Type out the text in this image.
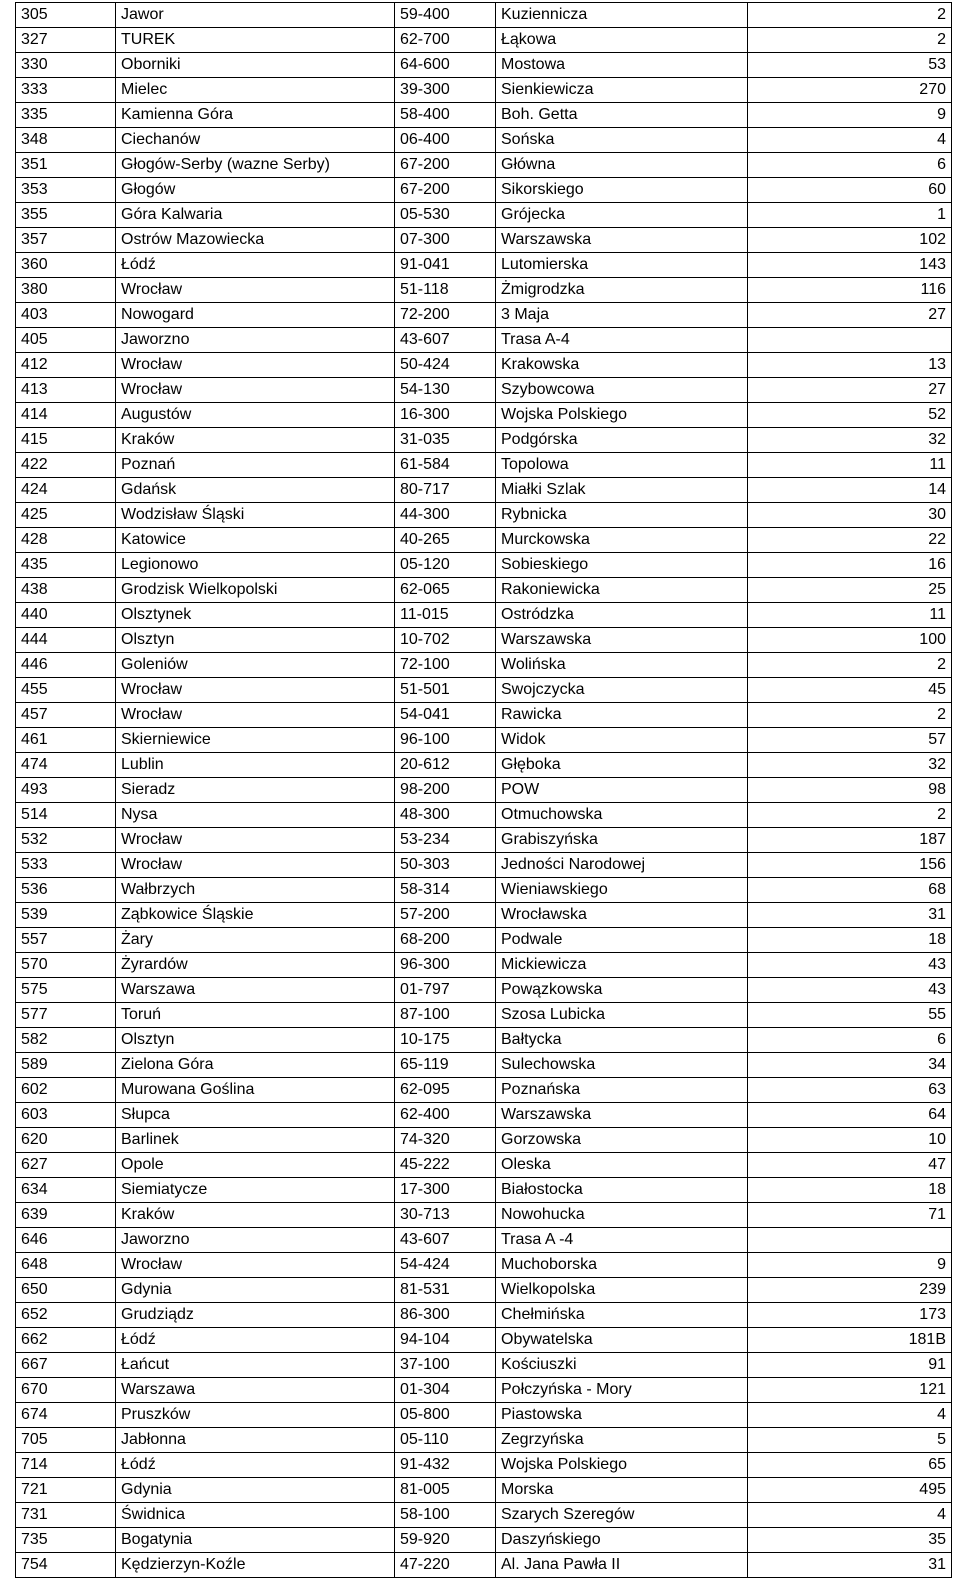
305	Jawor	59-400	Kuziennicza	2
327	TUREK	62-700	Łąkowa	2
330	Oborniki	64-600	Mostowa	53
333	Mielec	39-300	Sienkiewicza	270
335	Kamienna Góra	58-400	Boh. Getta	9
348	Ciechanów	06-400	Sońska	4
351	Głogów-Serby (wazne Serby)	67-200	Główna	6
353	Głogów	67-200	Sikorskiego	60
355	Góra Kalwaria	05-530	Grójecka	1
357	Ostrów Mazowiecka	07-300	Warszawska	102
360	Łódź	91-041	Lutomierska	143
380	Wrocław	51-118	Żmigrodzka	116
403	Nowogard	72-200	3 Maja	27
405	Jaworzno	43-607	Trasa A-4	
412	Wrocław	50-424	Krakowska	13
413	Wrocław	54-130	Szybowcowa	27
414	Augustów	16-300	Wojska Polskiego	52
415	Kraków	31-035	Podgórska	32
422	Poznań	61-584	Topolowa	11
424	Gdańsk	80-717	Miałki Szlak	14
425	Wodzisław Śląski	44-300	Rybnicka	30
428	Katowice	40-265	Murckowska	22
435	Legionowo	05-120	Sobieskiego	16
438	Grodzisk Wielkopolski	62-065	Rakoniewicka	25
440	Olsztynek	11-015	Ostródzka	11
444	Olsztyn	10-702	Warszawska	100
446	Goleniów	72-100	Wolińska	2
455	Wrocław	51-501	Swojczycka	45
457	Wrocław	54-041	Rawicka	2
461	Skierniewice	96-100	Widok	57
474	Lublin	20-612	Głęboka	32
493	Sieradz	98-200	POW	98
514	Nysa	48-300	Otmuchowska	2
532	Wrocław	53-234	Grabiszyńska	187
533	Wrocław	50-303	Jedności Narodowej	156
536	Wałbrzych	58-314	Wieniawskiego	68
539	Ząbkowice Śląskie	57-200	Wrocławska	31
557	Żary	68-200	Podwale	18
570	Żyrardów	96-300	Mickiewicza	43
575	Warszawa	01-797	Powązkowska	43
577	Toruń	87-100	Szosa Lubicka	55
582	Olsztyn	10-175	Bałtycka	6
589	Zielona Góra	65-119	Sulechowska	34
602	Murowana Goślina	62-095	Poznańska	63
603	Słupca	62-400	Warszawska	64
620	Barlinek	74-320	Gorzowska	10
627	Opole	45-222	Oleska	47
634	Siemiatycze	17-300	Białostocka	18
639	Kraków	30-713	Nowohucka	71
646	Jaworzno	43-607	Trasa A -4	
648	Wrocław	54-424	Muchoborska	9
650	Gdynia	81-531	Wielkopolska	239
652	Grudziądz	86-300	Chełmińska	173
662	Łódź	94-104	Obywatelska	181B
667	Łańcut	37-100	Kościuszki	91
670	Warszawa	01-304	Połczyńska - Mory	121
674	Pruszków	05-800	Piastowska	4
705	Jabłonna	05-110	Zegrzyńska	5
714	Łódź	91-432	Wojska Polskiego	65
721	Gdynia	81-005	Morska	495
731	Świdnica	58-100	Szarych Szeregów	4
735	Bogatynia	59-920	Daszyńskiego	35
754	Kędzierzyn-Koźle	47-220	Al. Jana Pawła II	31
